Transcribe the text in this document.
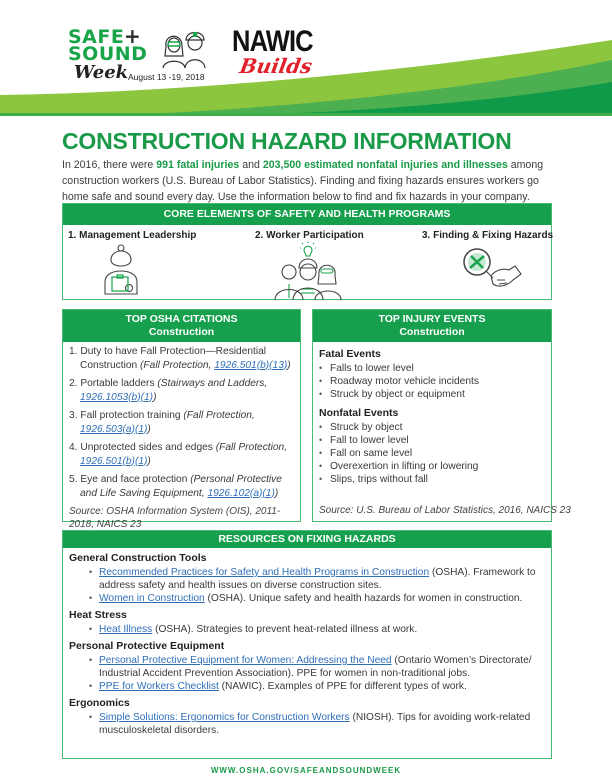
SAFE +
SOUND
Week August 13 -19, 2018
NAWIC
Builds
CONSTRUCTION HAZARD INFORMATION

In 2016, there were 991 fatal injuries and 203,500 estimated nonfatal injuries and illnesses among construction workers (U.S. Bureau of Labor Statistics). Finding and fixing hazards ensures workers go home safe and sound every day. Use the information below to find and fix hazards in your company.

CORE ELEMENTS OF SAFETY AND HEALTH PROGRAMS
1. Management Leadership	2. Worker Participation	3. Finding & Fixing Hazards
TOP OSHA CITATIONS
Construction
1. Duty to have Fall Protection—Residential Construction (Fall Protection, 1926.501(b)(13))
2. Portable ladders (Stairways and Ladders, 1926.1053(b)(1))
3. Fall protection training (Fall Protection, 1926.503(a)(1))
4. Unprotected sides and edges (Fall Protection, 1926.501(b)(1))
5. Eye and face protection (Personal Protective and Life Saving Equipment, 1926.102(a)(1))
Source: OSHA Information System (OIS), 2011-2018, NAICS 23
TOP INJURY EVENTS
Construction
Fatal Events
• Falls to lower level
• Roadway motor vehicle incidents
• Struck by object or equipment
Nonfatal Events
• Struck by object
• Fall to lower level
• Fall on same level
• Overexertion in lifting or lowering
• Slips, trips without fall
Source: U.S. Bureau of Labor Statistics, 2016, NAICS 23
RESOURCES ON FIXING HAZARDS
General Construction Tools
• Recommended Practices for Safety and Health Programs in Construction (OSHA). Framework to address safety and health issues on diverse construction sites.
• Women in Construction (OSHA). Unique safety and health hazards for women in construction.
Heat Stress
• Heat Illness (OSHA). Strategies to prevent heat-related illness at work.
Personal Protective Equipment
• Personal Protective Equipment for Women: Addressing the Need (Ontario Women’s Directorate/ Industrial Accident Prevention Association). PPE for women in non-traditional jobs.
• PPE for Workers Checklist (NAWIC). Examples of PPE for different types of work.
Ergonomics
• Simple Solutions: Ergonomics for Construction Workers (NIOSH). Tips for avoiding work-related musculoskeletal disorders.
WWW.OSHA.GOV/SAFEANDSOUNDWEEK
